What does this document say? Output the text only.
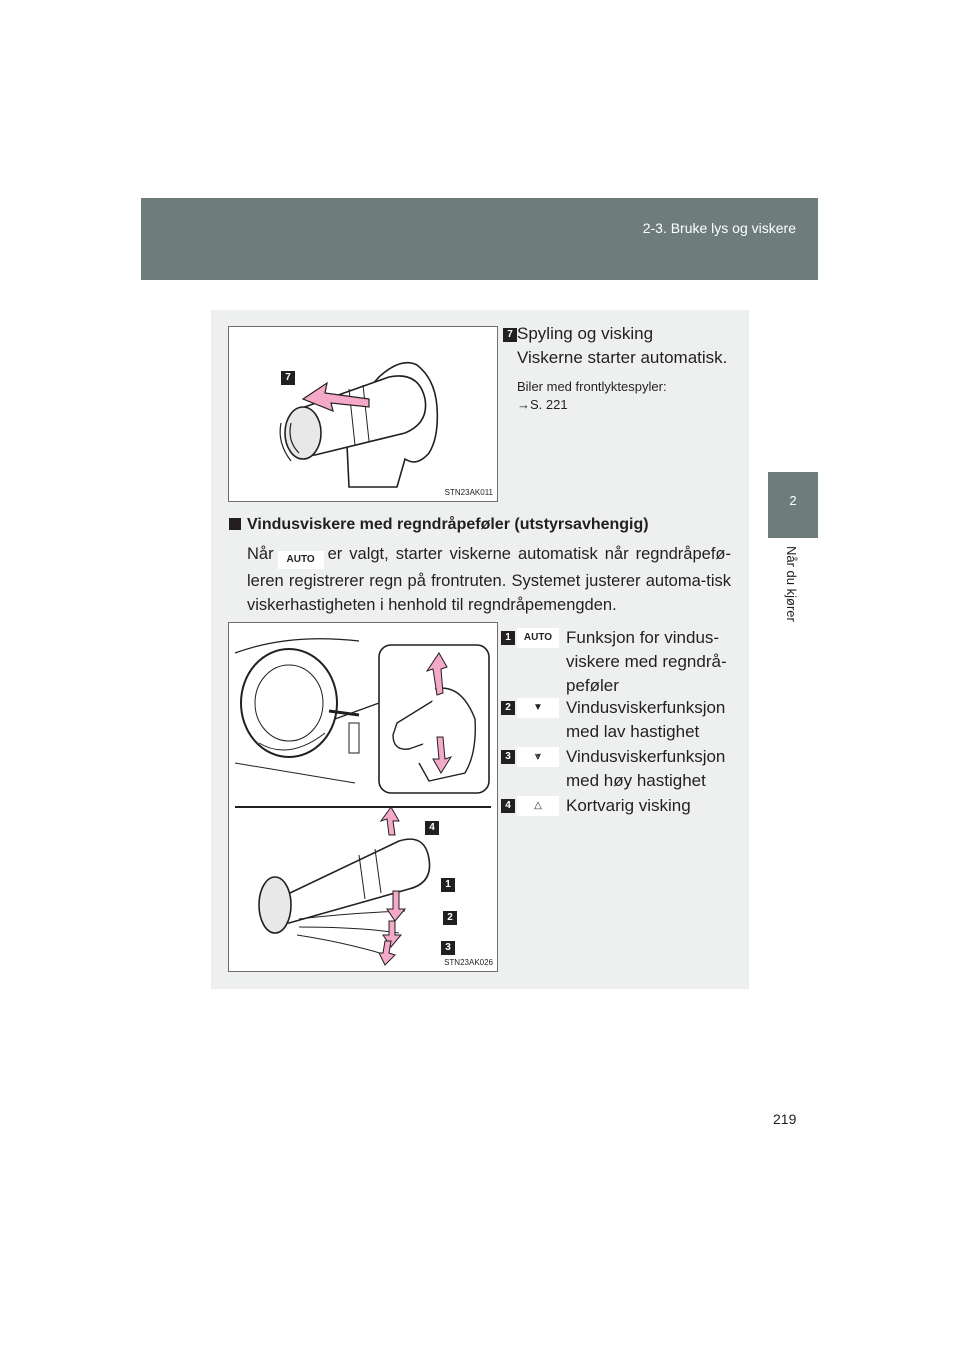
2-3. Bruke lys og viskere
2
Når du kjører
7
STN23AK011
7 Spyling og visking
Viskerne starter automatisk.
Biler med frontlyktespyler:
→S. 221
Vindusviskere med regndråpeføler (utstyrsavhengig)
Når AUTO er valgt, starter viskerne automatisk når regndråpefø-leren registrerer regn på frontruten. Systemet justerer automa-tisk viskerhastigheten i henhold til regndråpemengden.
4
1
2
3
STN23AK026
1	AUTO Funksjon for vindus-viskere med regndrå-peføler
2	▼	Vindusviskerfunksjon med lav hastighet
3	⩔	Vindusviskerfunksjon med høy hastighet
4	△	Kortvarig visking
219
